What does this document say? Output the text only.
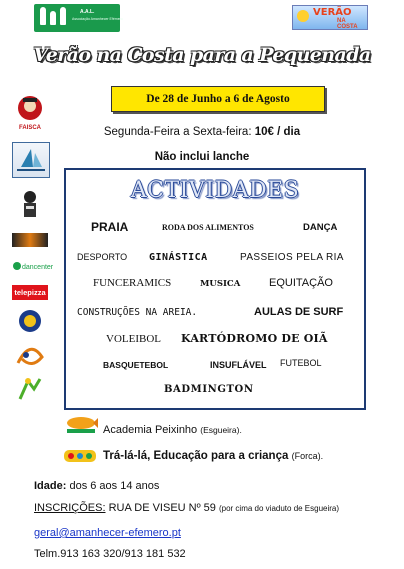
A.A.L.
Associação Amanhecer Efémero
VERÃO
NA COSTA
Verão na Costa para a Pequenada
De 28 de Junho a 6 de Agosto
Segunda-Feira a Sexta-feira: 10€ / dia
Não inclui lanche
FAISCA
dancenter
telepizza
ACTIVIDADES
PRAIA	RODA DOS ALIMENTOS	DANÇA
DESPORTO GINÁSTICA	PASSEIOS PELA RIA
FUNCERAMICS	MUSICA	EQUITAÇÃO
CONSTRUÇÕES NA AREIA.	AULAS DE SURF
VOLEIBOL KARTÓDROMO DE OIÃ
BASQUETEBOL	INSUFLÁVEL FUTEBOL
BADMINGTON
Academia Peixinho (Esgueira).
Trá-lá-lá, Educação para a criança (Forca).
Idade: dos 6 aos 14 anos
INSCRIÇÕES: RUA DE VISEU Nº 59 (por cima do viaduto de Esgueira)
geral@amanhecer-efemero.pt
Telm.913 163 320/913 181 532
